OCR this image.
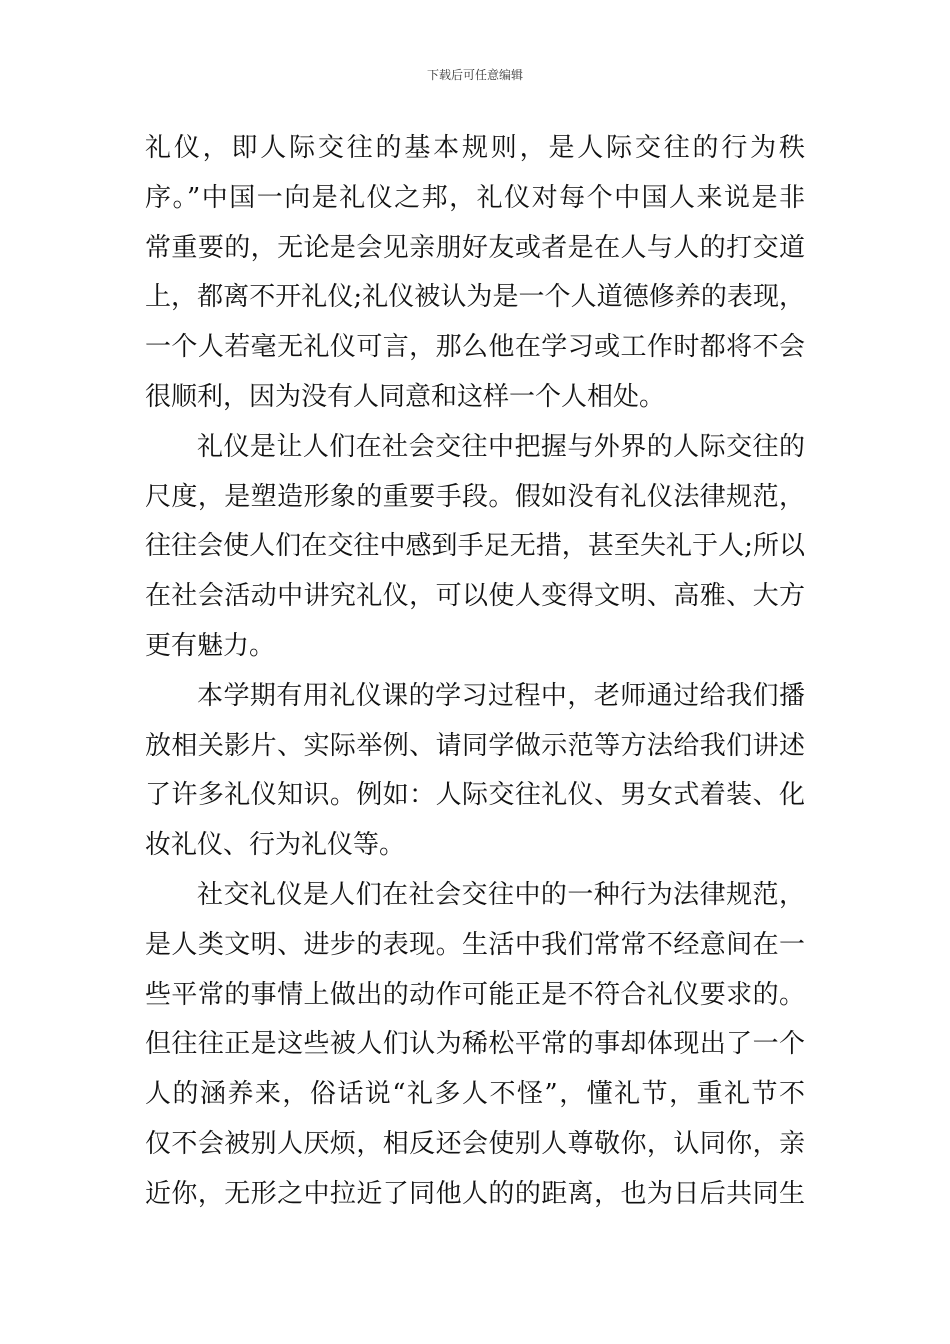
下载后可任意编辑
礼仪，即人际交往的基本规则，是人际交往的行为秩
序。”中国一向是礼仪之邦，礼仪对每个中国人来说是非
常重要的，无论是会见亲朋好友或者是在人与人的打交道
上，都离不开礼仪;礼仪被认为是一个人道德修养的表现，
一个人若毫无礼仪可言，那么他在学习或工作时都将不会
很顺利，因为没有人同意和这样一个人相处。
礼仪是让人们在社会交往中把握与外界的人际交往的
尺度，是塑造形象的重要手段。假如没有礼仪法律规范，
往往会使人们在交往中感到手足无措，甚至失礼于人;所以
在社会活动中讲究礼仪，可以使人变得文明、高雅、大方
更有魅力。
本学期有用礼仪课的学习过程中，老师通过给我们播
放相关影片、实际举例、请同学做示范等方法给我们讲述
了许多礼仪知识。例如：人际交往礼仪、男女式着装、化
妆礼仪、行为礼仪等。
社交礼仪是人们在社会交往中的一种行为法律规范，
是人类文明、进步的表现。生活中我们常常不经意间在一
些平常的事情上做出的动作可能正是不符合礼仪要求的。
但往往正是这些被人们认为稀松平常的事却体现出了一个
人的涵养来，俗话说“礼多人不怪”，懂礼节，重礼节不
仅不会被别人厌烦，相反还会使别人尊敬你，认同你，亲
近你，无形之中拉近了同他人的的距离，也为日后共同生
